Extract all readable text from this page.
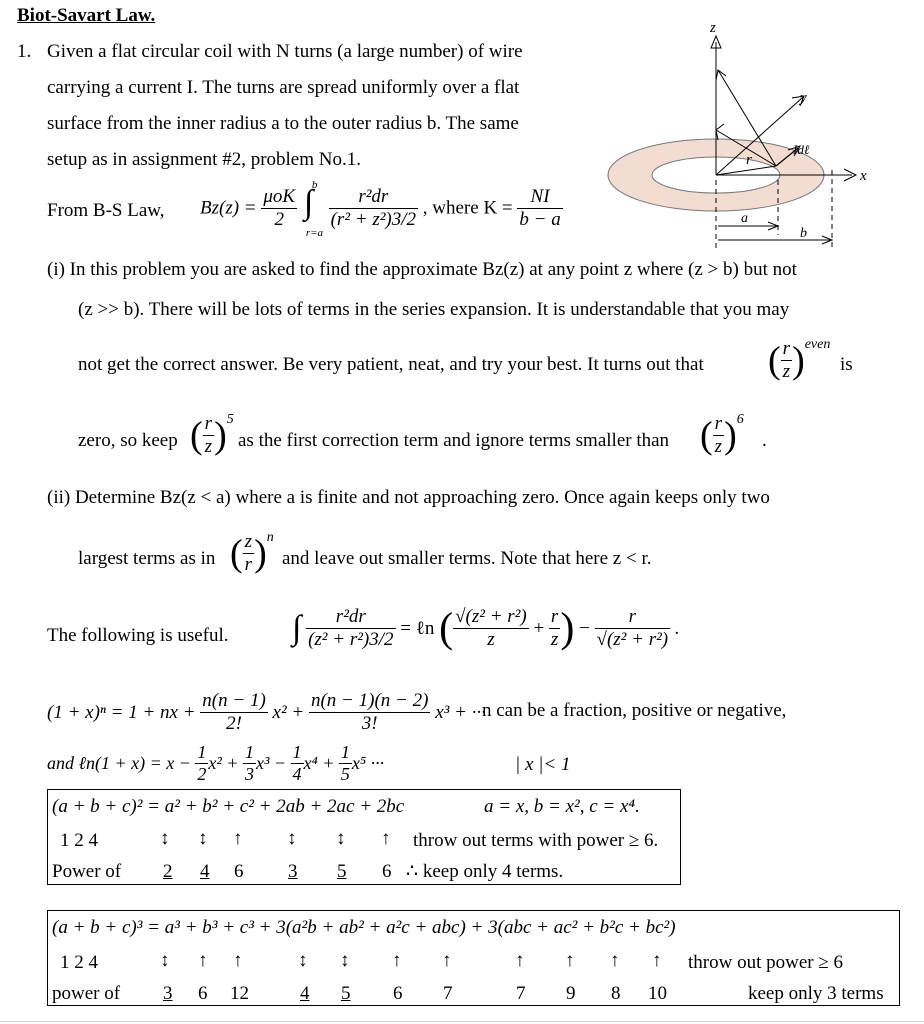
Biot-Savart Law.
1. Given a flat circular coil with N turns (a large number) of wire
carrying a current I. The turns are spread uniformly over a flat
surface from the inner radius a to the outer radius b. The same
setup as in assignment #2, problem No.1.
z
y
x
r
Idℓ
a
b
From B-S Law, $Bz(z) = \frac{\text{μoK}}{2}$

b
∫
r=a

$\frac{\text{r²dr}}{\text{(r² + z²)3/2}}$ , where $K = \frac{NI}{b - a}$
(i) In this problem you are asked to find the approximate Bz(z) at any point z where (z > b) but not
(z >> b). There will be lots of terms in the series expansion. It is understandable that you may
not get the correct answer. Be very patient, neat, and try your best. It turns out that ( $\frac{r}{z} )^{even}$
is
zero, so keep ( $\frac{r}{z} )^5$
as the first correction term and ignore terms smaller than ( $\frac{r}{z} )^6$
.
(ii) Determine Bz(z < a) where a is finite and not approaching zero. Once again keeps only two
largest terms as in ( $\frac{z}{r} )^n$
and leave out smaller terms. Note that here z < r.
The following is useful. ∫ $\frac{\text{r²dr}}{\text{(z² + r²)3/2}}$ = ℓn ( $\frac{\text{√(z² + r²)}}{z} + \frac{r}{z}$ ) − $\frac{r}{\text{√(z² + r²)}}$ .
(1 + x)ⁿ = 1 + nx + $\frac{n(n - 1)}{2!} x^2 + \frac{n(n - 1)(n - 2)}{3!} x^3$ + ···
n can be a fraction, positive or negative,
and ℓn(1 + $x) = x - \frac{1}{2} x^2 + \frac{1}{3} x^3 - \frac{1}{4} x^4 + \frac{1}{5} x^5$ ···	| x |< 1
(a + b + c)² = a² + b² + c² + 2ab + 2ac + 2bc	a = x, b = x², c = x⁴.
1 2 4	↕ ↕ ↑ ↕ ↕ ↑ throw out terms with power ≥ 6.
Power of 2 4 6 3 5 6 ∴ keep only 4 terms.
(a + b + c)³ = a³ + b³ + c³ + 3(a²b + ab² + a²c + abc) + 3(abc + ac² + b²c + bc²)
1 2 4	↕ ↑ ↑	↕ ↕ ↑ ↑	↑ ↑ ↑ ↑ throw out power ≥ 6
power of 3 6 12	4 5 6 7	7 9 8 10	keep only 3 terms
